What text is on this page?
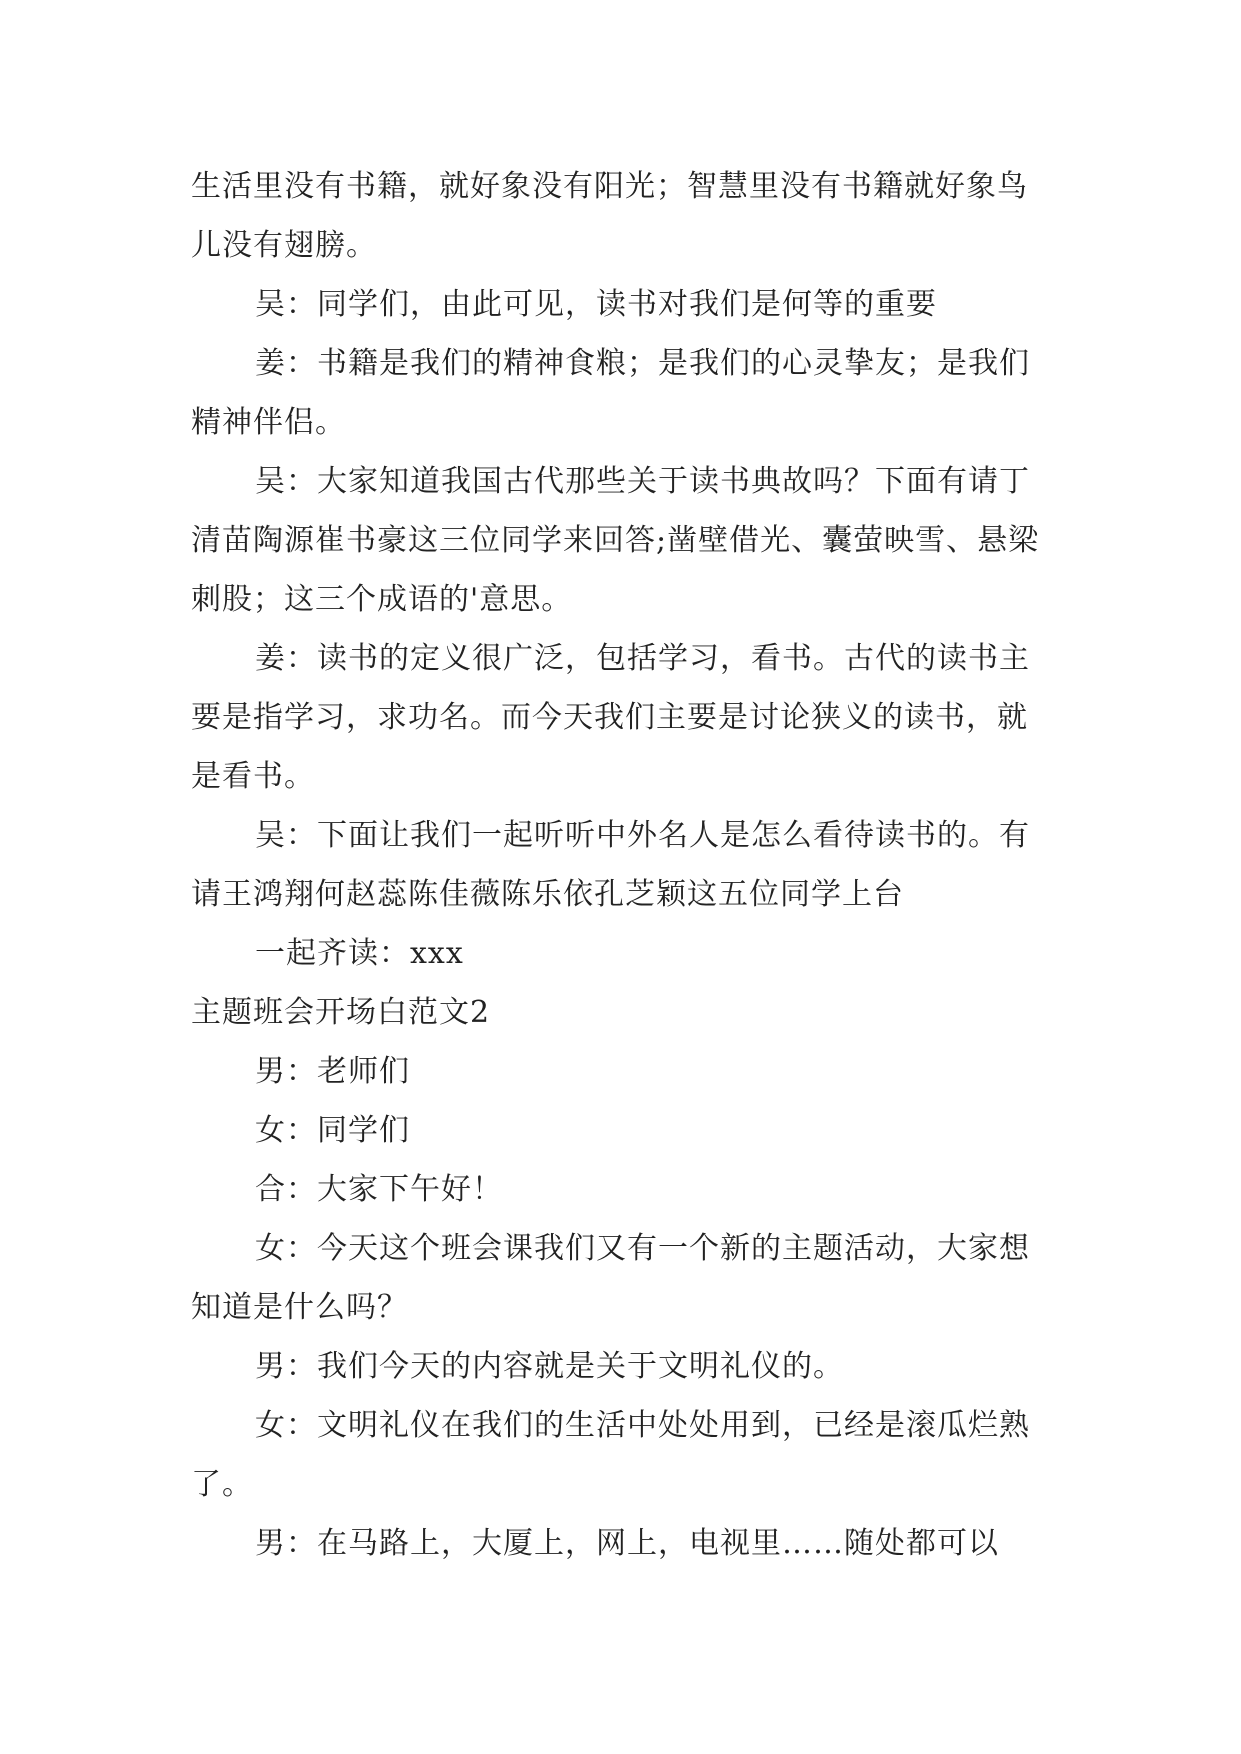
生活里没有书籍，就好象没有阳光；智慧里没有书籍就好象鸟儿没有翅膀。

吴：同学们，由此可见，读书对我们是何等的重要

姜：书籍是我们的精神食粮；是我们的心灵挚友；是我们精神伴侣。

吴：大家知道我国古代那些关于读书典故吗？下面有请丁清苗陶源崔书豪这三位同学来回答;凿壁借光、囊萤映雪、悬梁刺股；这三个成语的'意思。

姜：读书的定义很广泛，包括学习，看书。古代的读书主要是指学习，求功名。而今天我们主要是讨论狭义的读书，就是看书。

吴：下面让我们一起听听中外名人是怎么看待读书的。有请王鸿翔何赵蕊陈佳薇陈乐依孔芝颖这五位同学上台

一起齐读：xxx

主题班会开场白范文2

男：老师们

女：同学们

合：大家下午好！

女：今天这个班会课我们又有一个新的主题活动，大家想知道是什么吗？

男：我们今天的内容就是关于文明礼仪的。

女：文明礼仪在我们的生活中处处用到，已经是滚瓜烂熟了。

男：在马路上，大厦上，网上，电视里……随处都可以
